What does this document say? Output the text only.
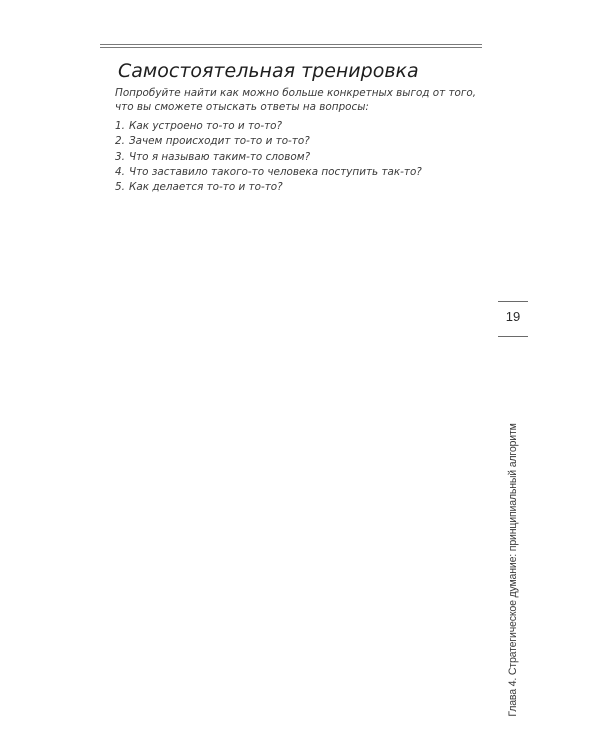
Самостоятельная тренировка

Попробуйте найти как можно больше конкретных выгод от того, что вы сможете отыскать ответы на вопросы:

1. Как устроено то-то и то-то?
2. Зачем происходит то-то и то-то?
3. Что я называю таким-то словом?
4. Что заставило такого-то человека поступить так-то?
5. Как делается то-то и то-то?
19
Глава 4. Стратегическое думание: принципиальный алгоритм
